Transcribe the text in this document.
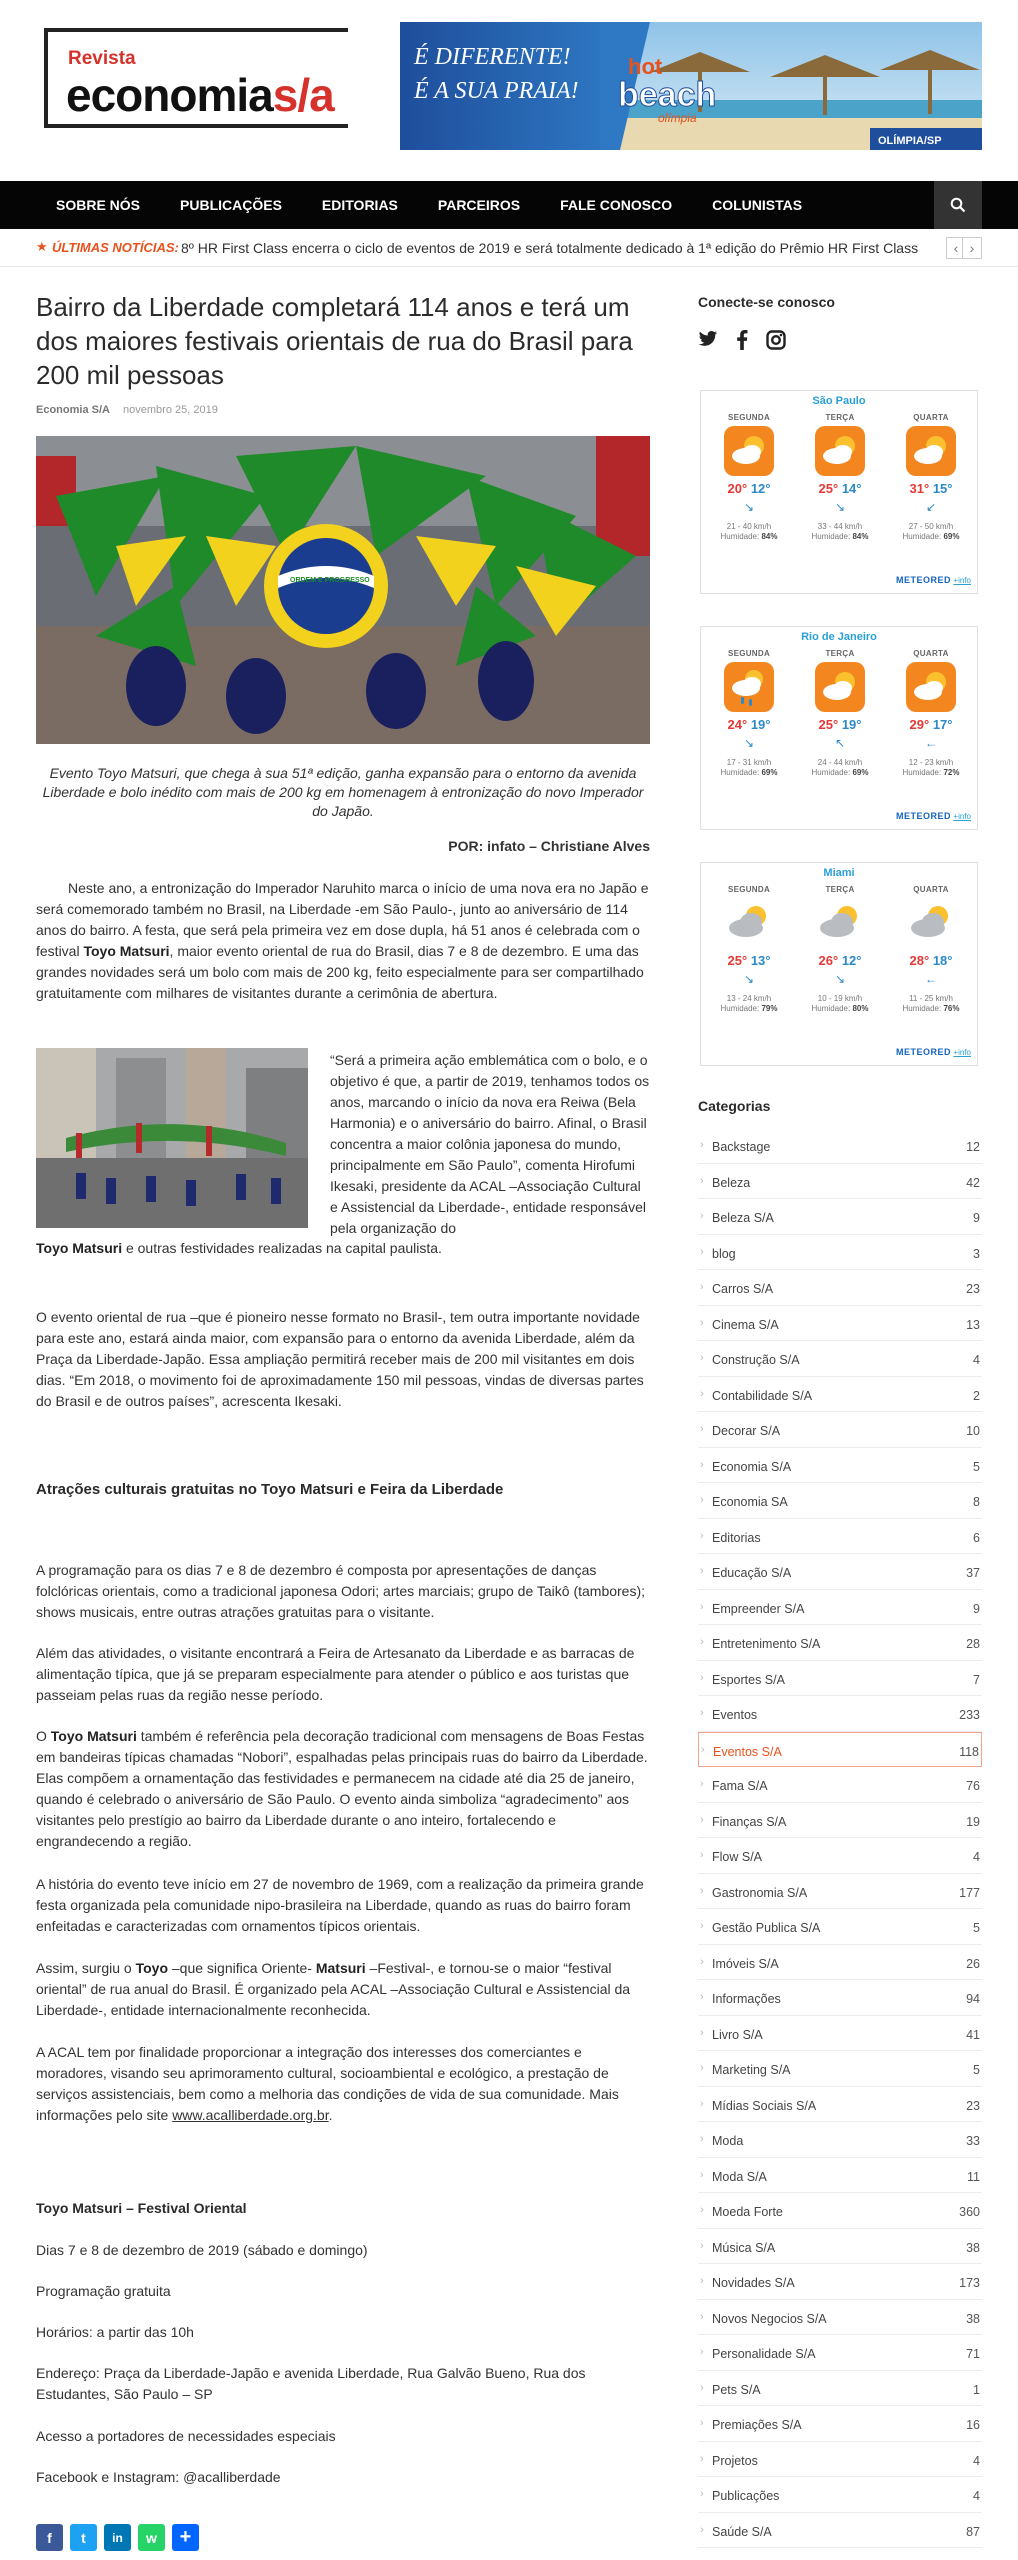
Revista
economias/a
É DIFERENTE!
É A SUA PRAIA!
hot
beach
olímpia
OLÍMPIA/SP
SOBRE NÓS	PUBLICAÇÕES	EDITORIAS	PARCEIROS	FALE CONOSCO	COLUNISTAS
★ ÚLTIMAS NOTÍCIAS: 8º HR First Class encerra o ciclo de eventos de 2019 e será totalmente dedicado à 1ª edição do Prêmio HR First Class	‹ ›
Bairro da Liberdade completará 114 anos e terá um dos maiores festivais orientais de rua do Brasil para 200 mil pessoas
Economia S/A novembro 25, 2019
ORDEM E PROGRESSO

Evento Toyo Matsuri, que chega à sua 51ª edição, ganha expansão para o entorno da avenida Liberdade e bolo inédito com mais de 200 kg em homenagem à entronização do novo Imperador do Japão.

POR: infato – Christiane Alves

Neste ano, a entronização do Imperador Naruhito marca o início de uma nova era no Japão e será comemorado também no Brasil, na Liberdade -em São Paulo-, junto ao aniversário de 114 anos do bairro. A festa, que será pela primeira vez em dose dupla, há 51 anos é celebrada com o festival Toyo Matsuri, maior evento oriental de rua do Brasil, dias 7 e 8 de dezembro. E uma das grandes novidades será um bolo com mais de 200 kg, feito especialmente para ser compartilhado gratuitamente com milhares de visitantes durante a cerimônia de abertura.

“Será a primeira ação emblemática com o bolo, e o objetivo é que, a partir de 2019, tenhamos todos os anos, marcando o início da nova era Reiwa (Bela Harmonia) e o aniversário do bairro. Afinal, o Brasil concentra a maior colônia japonesa do mundo, principalmente em São Paulo”, comenta Hirofumi Ikesaki, presidente da ACAL –Associação Cultural e Assistencial da Liberdade-, entidade responsável pela organização do

Toyo Matsuri e outras festividades realizadas na capital paulista.

O evento oriental de rua –que é pioneiro nesse formato no Brasil-, tem outra importante novidade para este ano, estará ainda maior, com expansão para o entorno da avenida Liberdade, além da Praça da Liberdade-Japão. Essa ampliação permitirá receber mais de 200 mil visitantes em dois dias. “Em 2018, o movimento foi de aproximadamente 150 mil pessoas, vindas de diversas partes do Brasil e de outros países”, acrescenta Ikesaki.

Atrações culturais gratuitas no Toyo Matsuri e Feira da Liberdade

A programação para os dias 7 e 8 de dezembro é composta por apresentações de danças folclóricas orientais, como a tradicional japonesa Odori; artes marciais; grupo de Taikô (tambores); shows musicais, entre outras atrações gratuitas para o visitante.

Além das atividades, o visitante encontrará a Feira de Artesanato da Liberdade e as barracas de alimentação típica, que já se preparam especialmente para atender o público e aos turistas que passeiam pelas ruas da região nesse período.

O Toyo Matsuri também é referência pela decoração tradicional com mensagens de Boas Festas em bandeiras típicas chamadas “Nobori”, espalhadas pelas principais ruas do bairro da Liberdade. Elas compõem a ornamentação das festividades e permanecem na cidade até dia 25 de janeiro, quando é celebrado o aniversário de São Paulo. O evento ainda simboliza “agradecimento” aos visitantes pelo prestígio ao bairro da Liberdade durante o ano inteiro, fortalecendo e engrandecendo a região.

A história do evento teve início em 27 de novembro de 1969, com a realização da primeira grande festa organizada pela comunidade nipo-brasileira na Liberdade, quando as ruas do bairro foram enfeitadas e caracterizadas com ornamentos típicos orientais.

Assim, surgiu o Toyo –que significa Oriente- Matsuri –Festival-, e tornou-se o maior “festival oriental” de rua anual do Brasil. É organizado pela ACAL –Associação Cultural e Assistencial da Liberdade-, entidade internacionalmente reconhecida.

A ACAL tem por finalidade proporcionar a integração dos interesses dos comerciantes e moradores, visando seu aprimoramento cultural, socioambiental e ecológico, a prestação de serviços assistenciais, bem como a melhoria das condições de vida de sua comunidade. Mais informações pelo site www.acalliberdade.org.br.

Toyo Matsuri – Festival Oriental

Dias 7 e 8 de dezembro de 2019 (sábado e domingo)

Programação gratuita

Horários: a partir das 10h

Endereço: Praça da Liberdade-Japão e avenida Liberdade, Rua Galvão Bueno, Rua dos Estudantes, São Paulo – SP

Acesso a portadores de necessidades especiais

Facebook e Instagram: @acalliberdade

f	t	in	w	+
Conecte-se conosco
São Paulo
SEGUNDA
20° 12°
↘
21 - 40 km/h
Humidade: 84%
TERÇA
25° 14°
↘
33 - 44 km/h
Humidade: 84%
QUARTA
31° 15°
↙
27 - 50 km/h
Humidade: 69%
METEORED +info
Rio de Janeiro
SEGUNDA
24° 19°
↘
17 - 31 km/h
Humidade: 69%
TERÇA
25° 19°
↖
24 - 44 km/h
Humidade: 69%
QUARTA
29° 17°
←
12 - 23 km/h
Humidade: 72%
METEORED +info
Miami
SEGUNDA
25° 13°
↘
13 - 24 km/h
Humidade: 79%
TERÇA
26° 12°
↘
10 - 19 km/h
Humidade: 80%
QUARTA
28° 18°
←
11 - 25 km/h
Humidade: 76%
METEORED +info
Categorias
› Backstage	12
› Beleza	42
› Beleza S/A	9
› blog	3
› Carros S/A	23
› Cinema S/A	13
› Construção S/A	4
› Contabilidade S/A	2
› Decorar S/A	10
› Economia S/A	5
› Economia SA	8
› Editorias	6
› Educação S/A	37
› Empreender S/A	9
› Entretenimento S/A	28
› Esportes S/A	7
› Eventos	233
› Eventos S/A	118
› Fama S/A	76
› Finanças S/A	19
› Flow S/A	4
› Gastronomia S/A	177
› Gestão Publica S/A	5
› Imóveis S/A	26
› Informações	94
› Livro S/A	41
› Marketing S/A	5
› Mídias Sociais S/A	23
› Moda	33
› Moda S/A	11
› Moeda Forte	360
› Música S/A	38
› Novidades S/A	173
› Novos Negocios S/A	38
› Personalidade S/A	71
› Pets S/A	1
› Premiações S/A	16
› Projetos	4
› Publicações	4
› Saúde S/A	87
